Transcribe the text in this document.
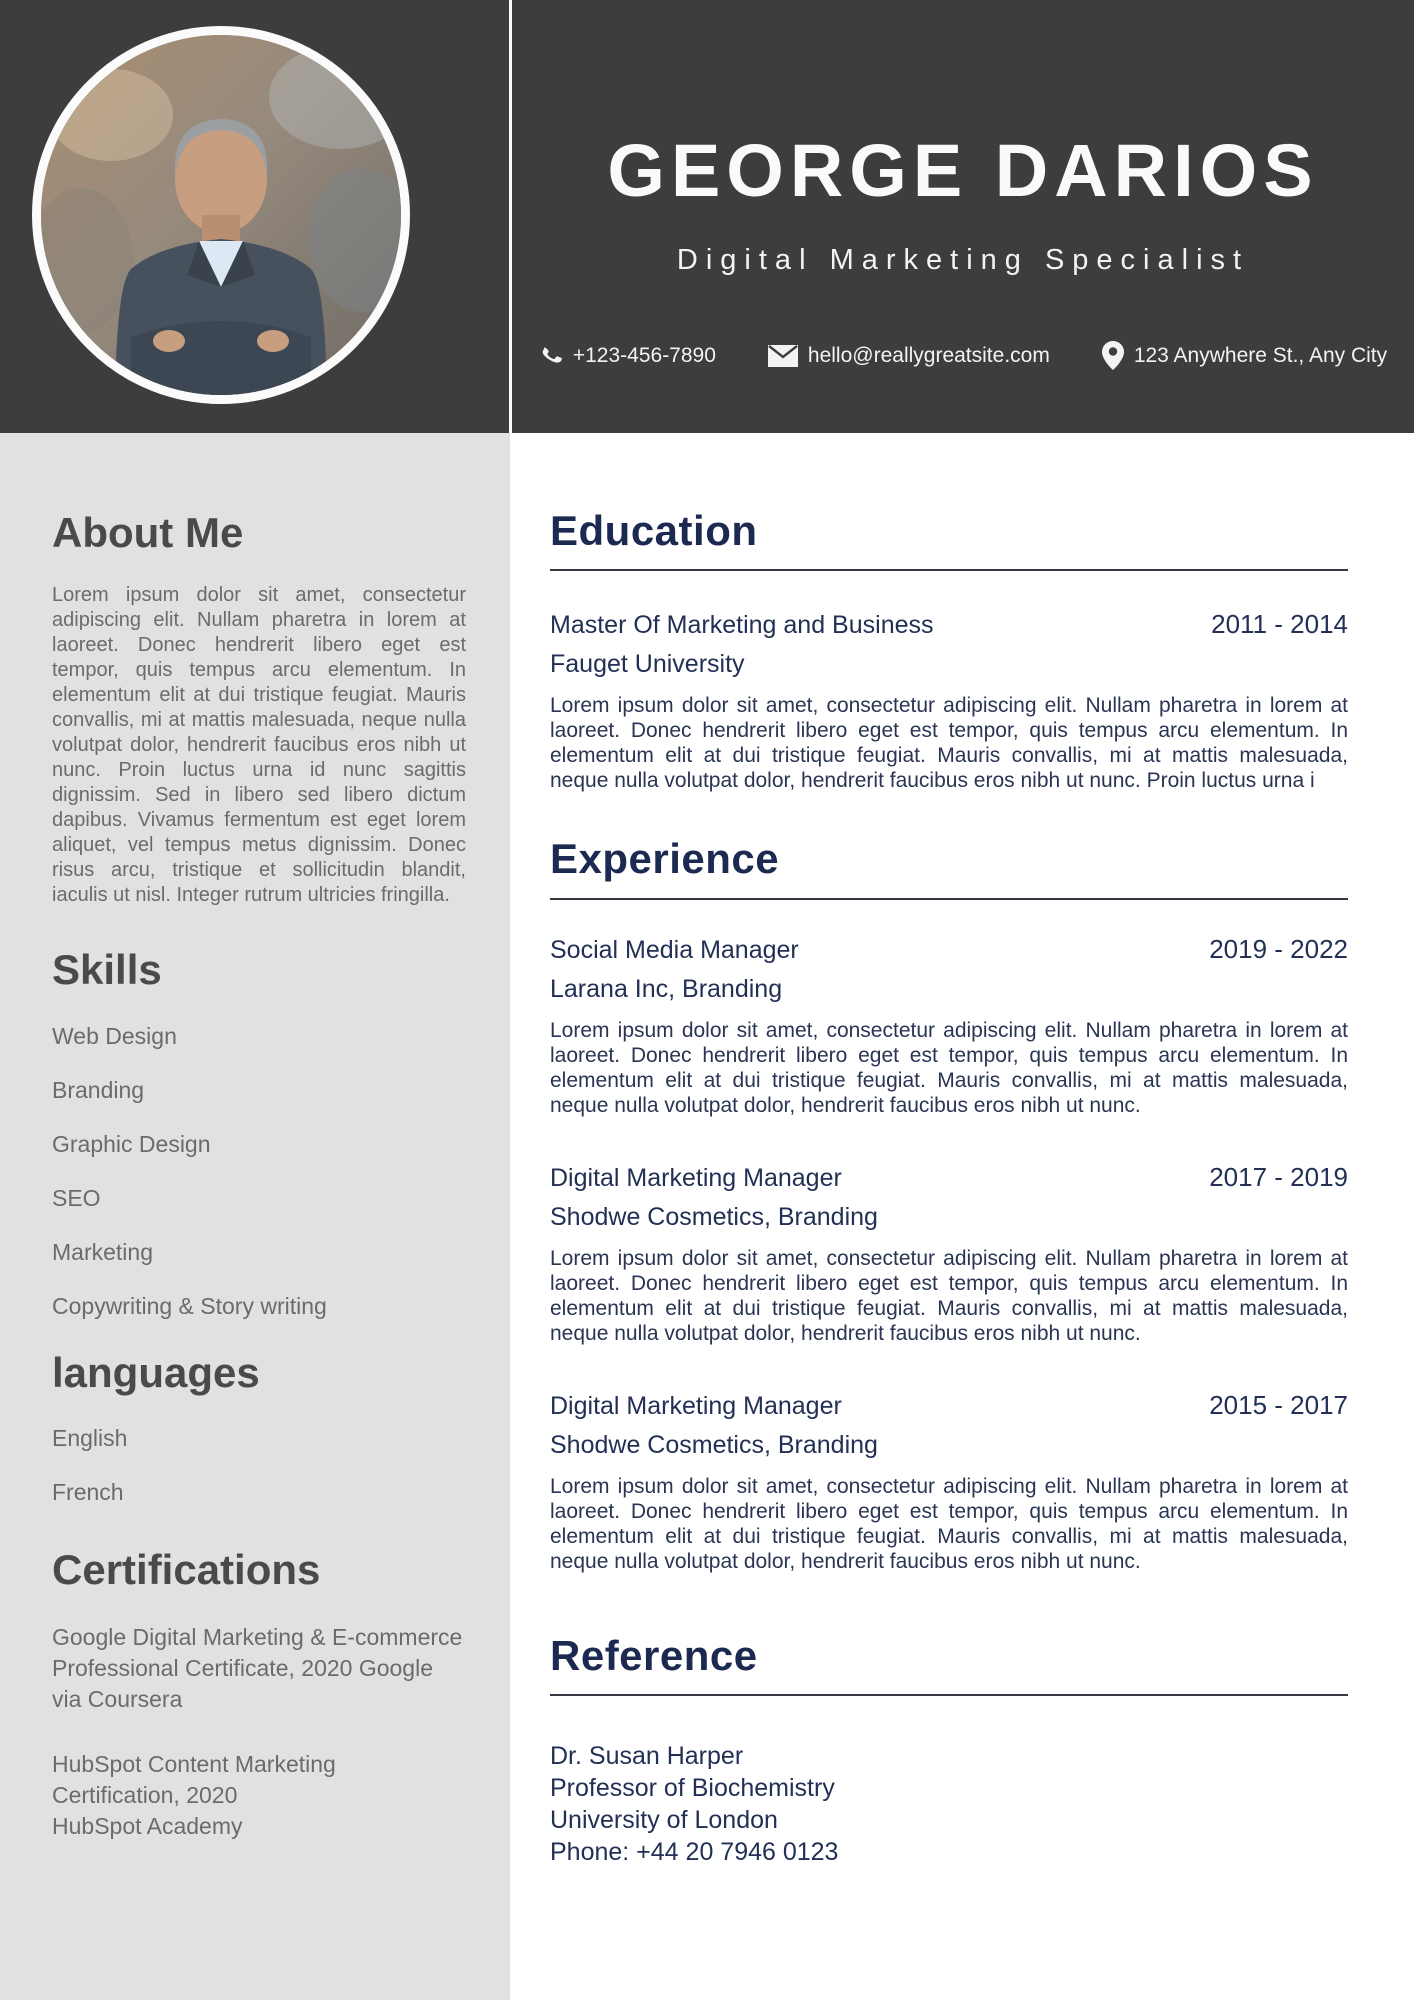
GEORGE DARIOS
Digital Marketing Specialist
+123-456-7890	hello@reallygreatsite.com	123 Anywhere St., Any City
About Me

Lorem ipsum dolor sit amet, consectetur adipiscing elit. Nullam pharetra in lorem at laoreet. Donec hendrerit libero eget est tempor, quis tempus arcu elementum. In elementum elit at dui tristique feugiat. Mauris convallis, mi at mattis malesuada, neque nulla volutpat dolor, hendrerit faucibus eros nibh ut nunc. Proin luctus urna id nunc sagittis dignissim. Sed in libero sed libero dictum dapibus. Vivamus fermentum est eget lorem aliquet, vel tempus metus dignissim. Donec risus arcu, tristique et sollicitudin blandit, iaculis ut nisl. Integer rutrum ultricies fringilla.

Skills
Web Design
Branding
Graphic Design
SEO
Marketing
Copywriting & Story writing
languages
English
French
Certifications

Google Digital Marketing & E-commerce Professional Certificate, 2020 Google via Coursera

HubSpot Content Marketing Certification, 2020
HubSpot Academy

Education
Master Of Marketing and Business	2011 - 2014
Fauget University

Lorem ipsum dolor sit amet, consectetur adipiscing elit. Nullam pharetra in lorem at laoreet. Donec hendrerit libero eget est tempor, quis tempus arcu elementum. In elementum elit at dui tristique feugiat. Mauris convallis, mi at mattis malesuada, neque nulla volutpat dolor, hendrerit faucibus eros nibh ut nunc. Proin luctus urna i

Experience
Social Media Manager	2019 - 2022
Larana Inc, Branding

Lorem ipsum dolor sit amet, consectetur adipiscing elit. Nullam pharetra in lorem at laoreet. Donec hendrerit libero eget est tempor, quis tempus arcu elementum. In elementum elit at dui tristique feugiat. Mauris convallis, mi at mattis malesuada, neque nulla volutpat dolor, hendrerit faucibus eros nibh ut nunc.

Digital Marketing Manager	2017 - 2019
Shodwe Cosmetics, Branding

Lorem ipsum dolor sit amet, consectetur adipiscing elit. Nullam pharetra in lorem at laoreet. Donec hendrerit libero eget est tempor, quis tempus arcu elementum. In elementum elit at dui tristique feugiat. Mauris convallis, mi at mattis malesuada, neque nulla volutpat dolor, hendrerit faucibus eros nibh ut nunc.

Digital Marketing Manager	2015 - 2017
Shodwe Cosmetics, Branding

Lorem ipsum dolor sit amet, consectetur adipiscing elit. Nullam pharetra in lorem at laoreet. Donec hendrerit libero eget est tempor, quis tempus arcu elementum. In elementum elit at dui tristique feugiat. Mauris convallis, mi at mattis malesuada, neque nulla volutpat dolor, hendrerit faucibus eros nibh ut nunc.

Reference
Dr. Susan Harper
Professor of Biochemistry
University of London
Phone: +44 20 7946 0123
